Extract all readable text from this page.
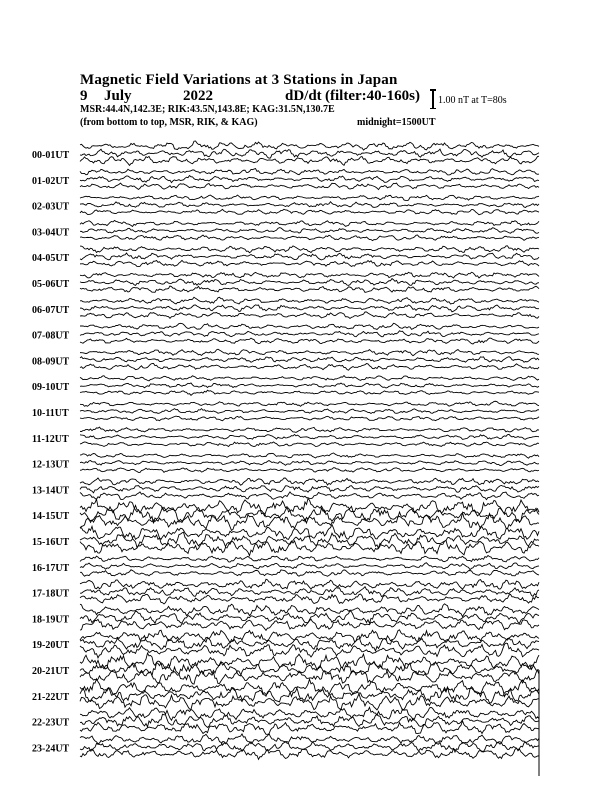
Magnetic Field Variations at 3 Stations in Japan
9 July	2022	dD/dt (filter:40-160s)
MSR:44.4N,142.3E; RIK:43.5N,143.8E; KAG:31.5N,130.7E
(from bottom to top, MSR, RIK, & KAG)	midnight=1500UT
1.00 nT at T=80s
00-01UT
01-02UT
02-03UT
03-04UT
04-05UT
05-06UT
06-07UT
07-08UT
08-09UT
09-10UT
10-11UT
11-12UT
12-13UT
13-14UT
14-15UT
15-16UT
16-17UT
17-18UT
18-19UT
19-20UT
20-21UT
21-22UT
22-23UT
23-24UT
